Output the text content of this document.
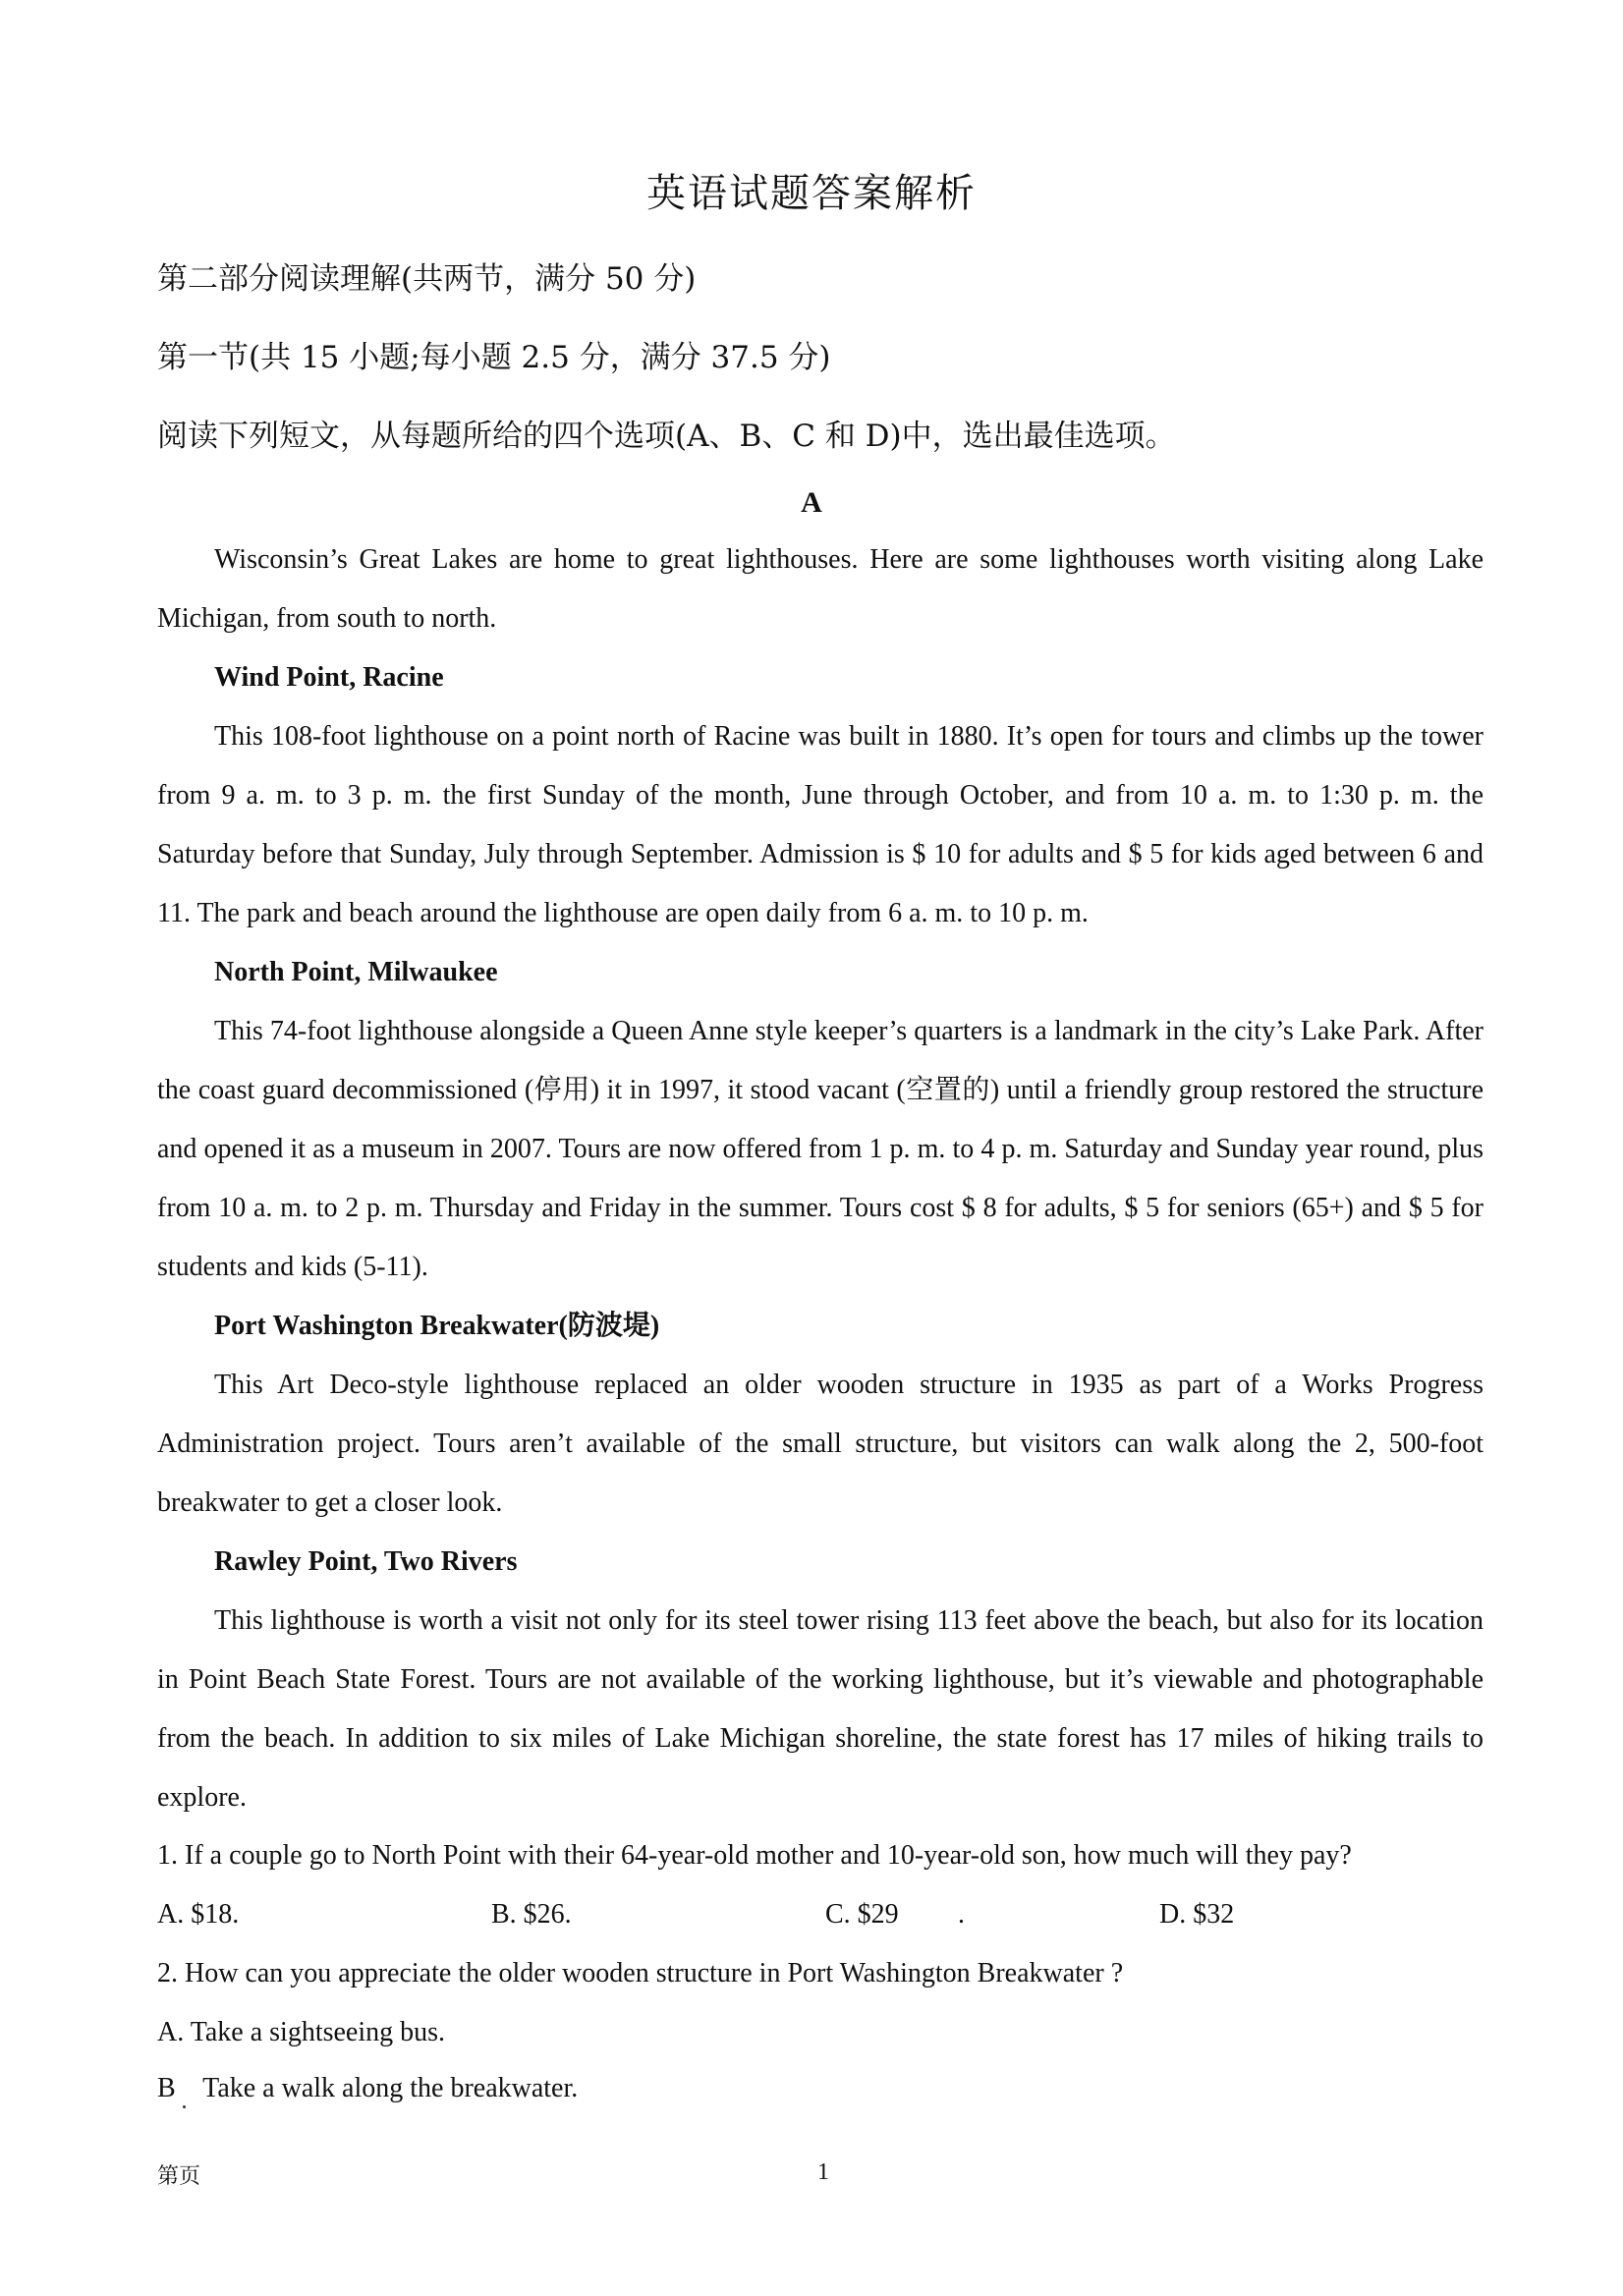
英语试题答案解析
第二部分阅读理解(共两节，满分 50 分)
第一节(共 15 小题;每小题 2.5 分，满分 37.5 分)
阅读下列短文，从每题所给的四个选项(A、B、C 和 D)中，选出最佳选项。
A

Wisconsin’s Great Lakes are home to great lighthouses. Here are some lighthouses worth visiting along Lake Michigan, from south to north.

Wind Point, Racine

This 108-foot lighthouse on a point north of Racine was built in 1880. It’s open for tours and climbs up the tower from 9 a. m. to 3 p. m. the first Sunday of the month, June through October, and from 10 a. m. to 1:30 p. m. the Saturday before that Sunday, July through September. Admission is $ 10 for adults and $ 5 for kids aged between 6 and 11. The park and beach around the lighthouse are open daily from 6 a. m. to 10 p. m.

North Point, Milwaukee

This 74-foot lighthouse alongside a Queen Anne style keeper’s quarters is a landmark in the city’s Lake Park. After the coast guard decommissioned (停用) it in 1997, it stood vacant (空置的) until a friendly group restored the structure and opened it as a museum in 2007. Tours are now offered from 1 p. m. to 4 p. m. Saturday and Sunday year round, plus from 10 a. m. to 2 p. m. Thursday and Friday in the summer. Tours cost $ 8 for adults, $ 5 for seniors (65+) and $ 5 for students and kids (5-11).

Port Washington Breakwater(防波堤)

This Art Deco-style lighthouse replaced an older wooden structure in 1935 as part of a Works Progress Administration project. Tours aren’t available of the small structure, but visitors can walk along the 2, 500-foot breakwater to get a closer look.

Rawley Point, Two Rivers

This lighthouse is worth a visit not only for its steel tower rising 113 feet above the beach, but also for its location in Point Beach State Forest. Tours are not available of the working lighthouse, but it’s viewable and photographable from the beach. In addition to six miles of Lake Michigan shoreline, the state forest has 17 miles of hiking trails to explore.

1. If a couple go to North Point with their 64-year-old mother and 10-year-old son, how much will they pay?
A. $18.	B. $26.	C. $29 .	D. $32
2. How can you appreciate the older wooden structure in Port Washington Breakwater ?
A. Take a sightseeing bus.
B    Take a walk along the breakwater.
第页	1
